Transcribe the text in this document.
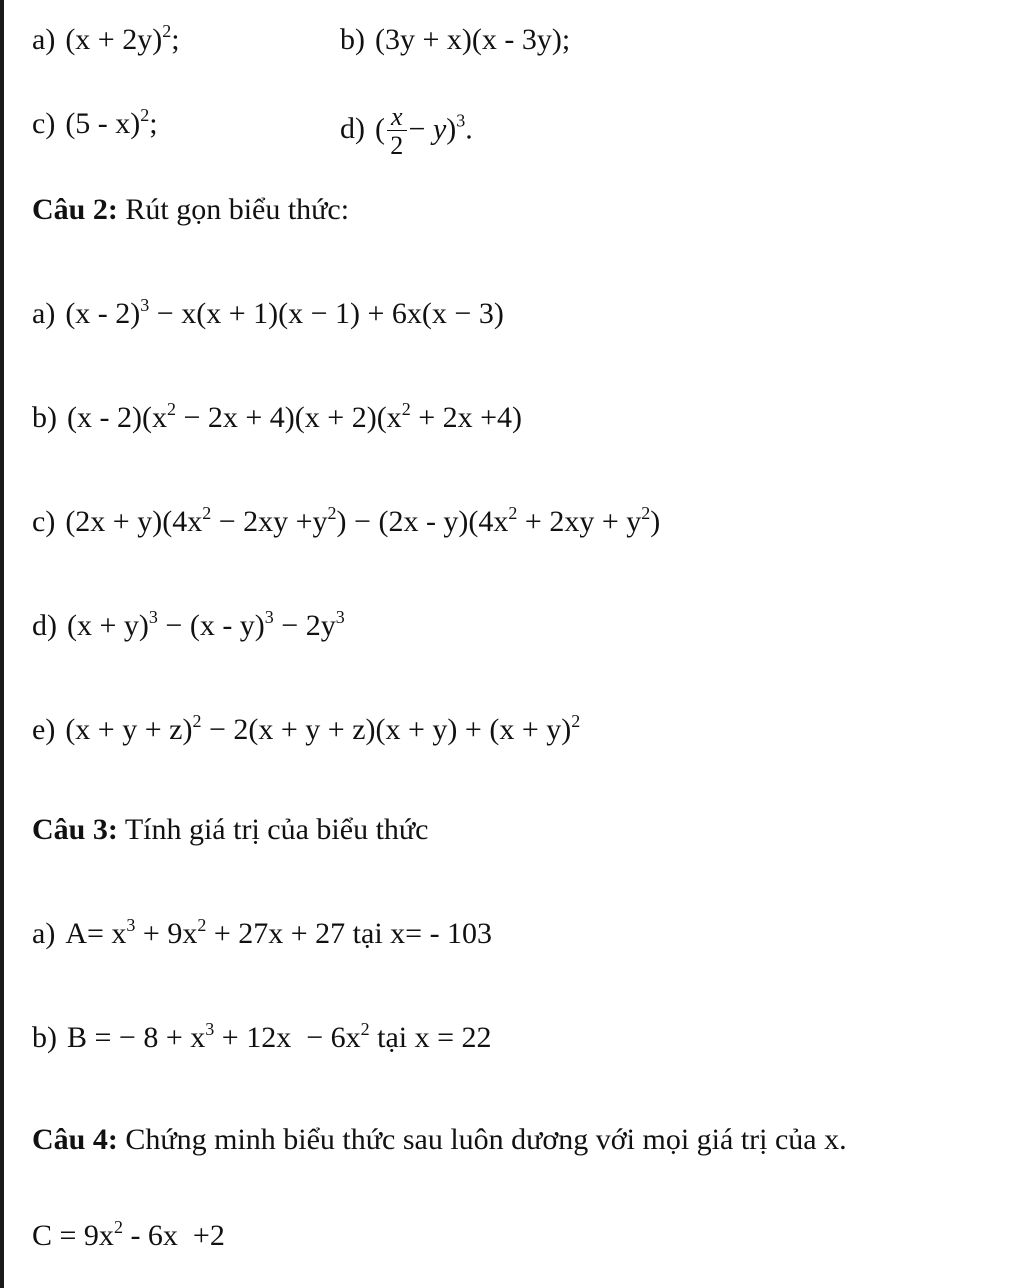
a) $(x + 2y)^2$;	b) (3y + x)(x - 3y);
c) (5 - x)$^2$;	d) ( $\frac{x}{2} - y)^3$.
Câu 2: Rút gọn biểu thức:
a) (x - 2)$^3$ − x(x + 1)(x − 1) + 6x(x − 3)
b) $(x - 2)(x^2 - 2x + 4)(x + 2)(x^2 + 2x +4)$
c) $(2x + y)(4x^2 - 2xy +y^2) - (2x - y)(4x^2 + 2xy + y^2)$
d) $(x + y)^3 - (x - y)^3 - 2y^3$
e) $(x + y + z)^2 - 2(x + y + z)(x + y) + (x + y)^2$
Câu 3: Tính giá trị của biểu thức
a) $A= x^3 + 9x^2 + 27x + 27$ tại x= - 103
b) B = − $8 + x^3 + 12x - 6x^2$ tại x = 22
Câu 4: Chứng minh biểu thức sau luôn dương với mọi giá trị của x.
$C = 9x^2 - 6x +2$
